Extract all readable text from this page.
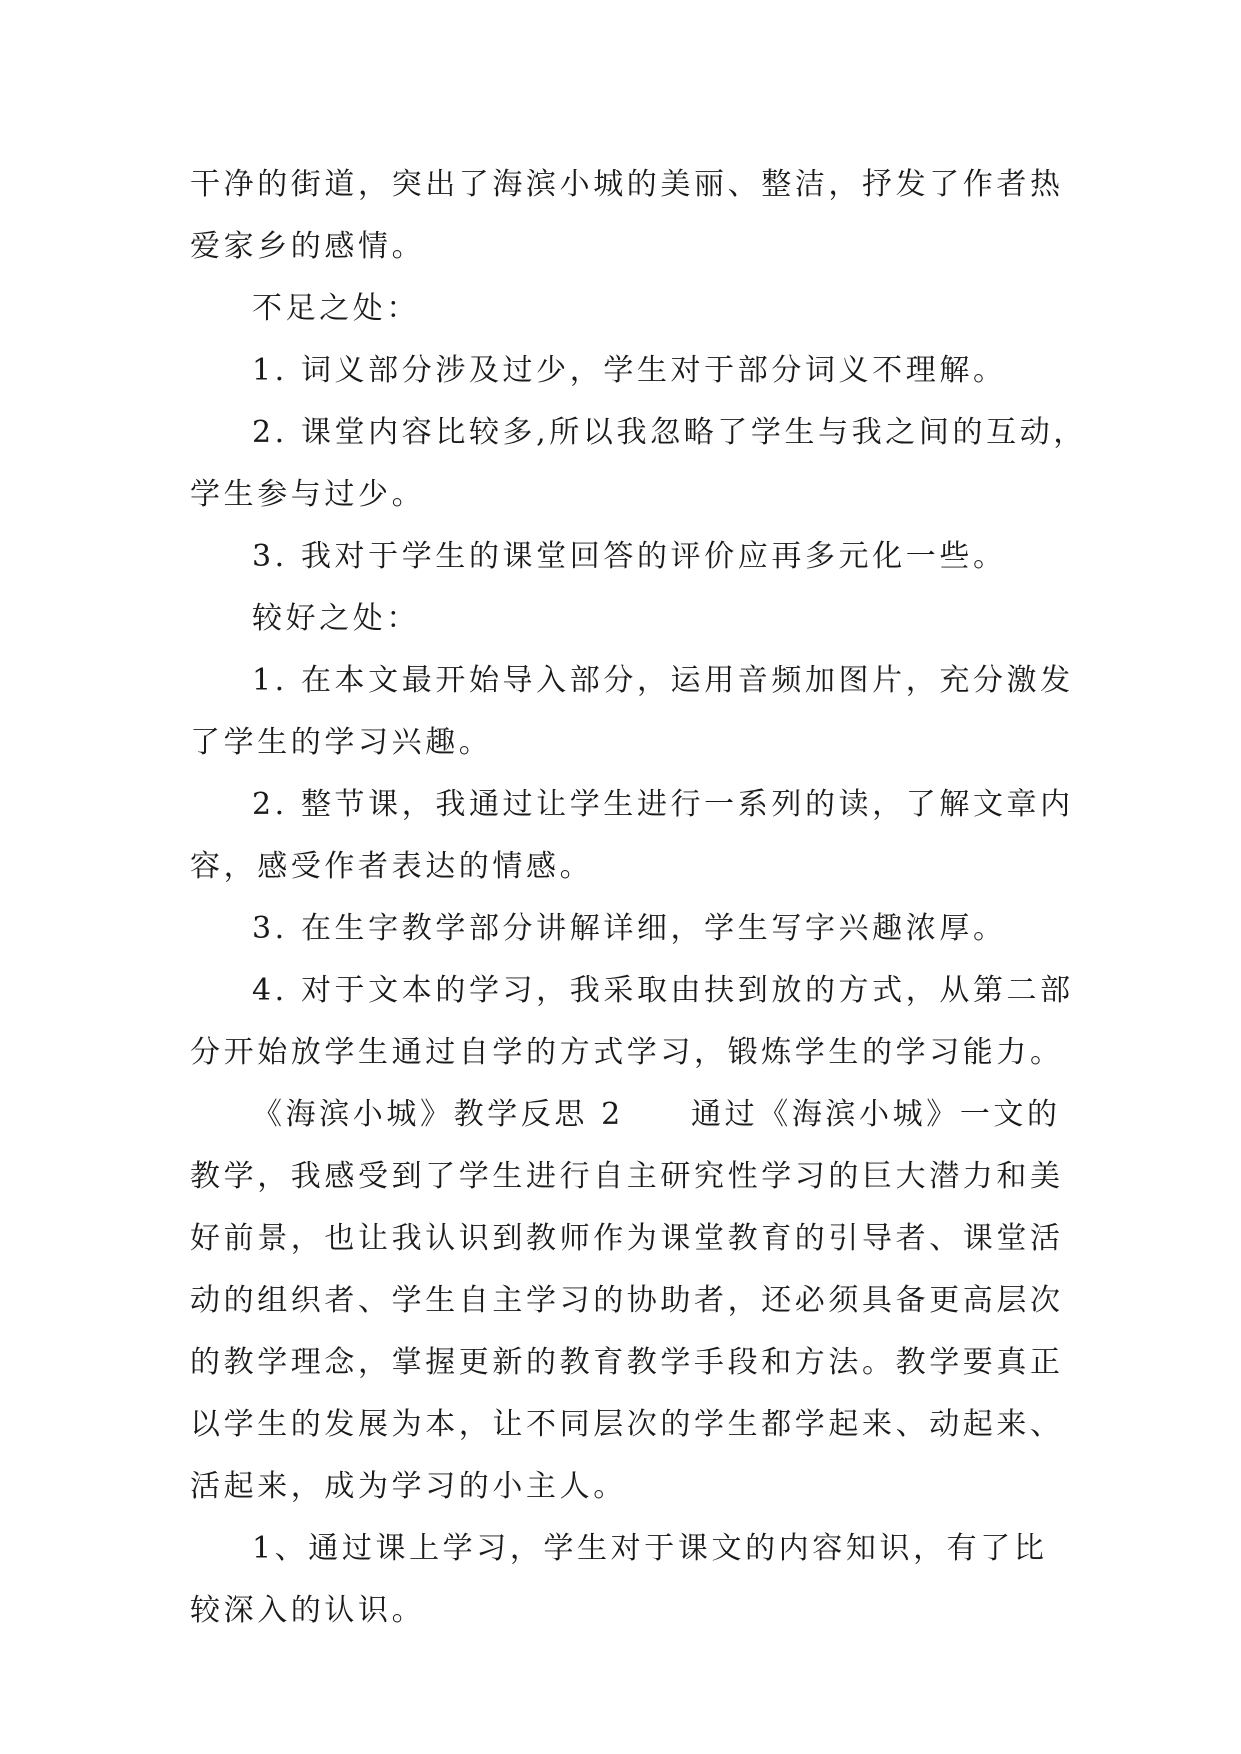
干净的街道，突出了海滨小城的美丽、整洁，抒发了作者热
爱家乡的感情。
不足之处：
1. 词义部分涉及过少，学生对于部分词义不理解。
2. 课堂内容比较多,所以我忽略了学生与我之间的互动，
学生参与过少。
3. 我对于学生的课堂回答的评价应再多元化一些。
较好之处：
1. 在本文最开始导入部分，运用音频加图片，充分激发
了学生的学习兴趣。
2. 整节课，我通过让学生进行一系列的读，了解文章内
容，感受作者表达的情感。
3. 在生字教学部分讲解详细，学生写字兴趣浓厚。
4. 对于文本的学习，我采取由扶到放的方式，从第二部
分开始放学生通过自学的方式学习，锻炼学生的学习能力。
《海滨小城》教学反思 2　　通过《海滨小城》一文的
教学，我感受到了学生进行自主研究性学习的巨大潜力和美
好前景，也让我认识到教师作为课堂教育的引导者、课堂活
动的组织者、学生自主学习的协助者，还必须具备更高层次
的教学理念，掌握更新的教育教学手段和方法。教学要真正
以学生的发展为本，让不同层次的学生都学起来、动起来、
活起来，成为学习的小主人。
1、通过课上学习，学生对于课文的内容知识，有了比
较深入的认识。
